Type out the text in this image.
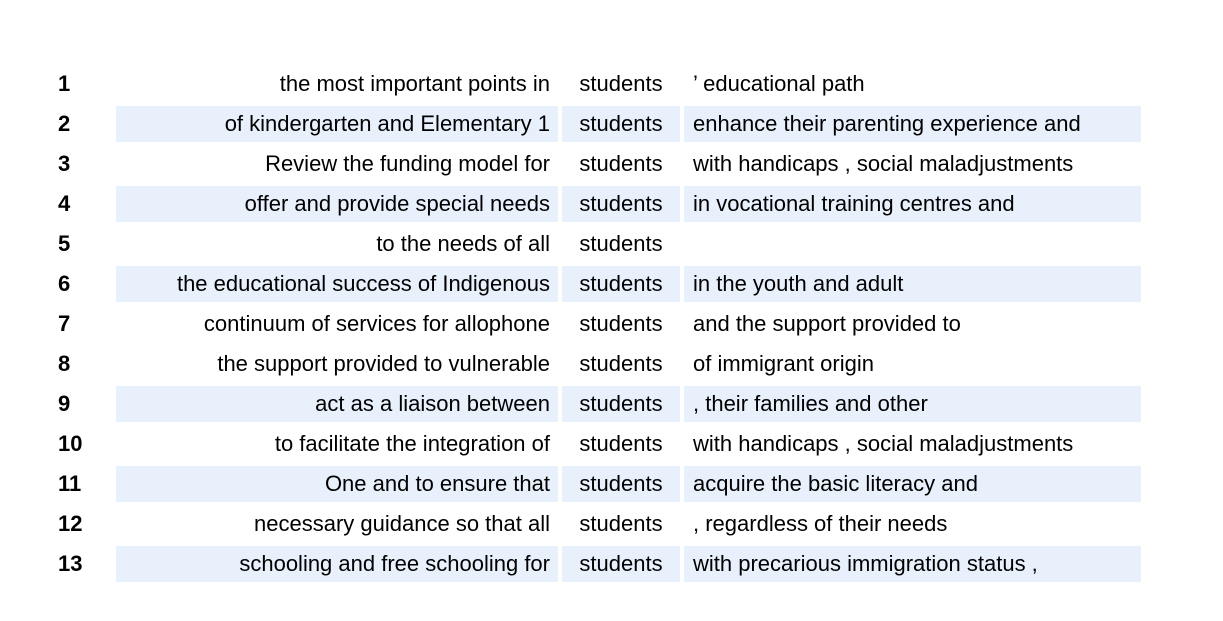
1	the most important points in	students	’ educational path
2	of kindergarten and Elementary 1	students	enhance their parenting experience and
3	Review the funding model for	students	with handicaps , social maladjustments
4	offer and provide special needs	students	in vocational training centres and
5	to the needs of all	students	
6	the educational success of Indigenous	students	in the youth and adult
7	continuum of services for allophone	students	and the support provided to
8	the support provided to vulnerable	students	of immigrant origin
9	act as a liaison between	students	, their families and other
10	to facilitate the integration of	students	with handicaps , social maladjustments
11	One and to ensure that	students	acquire the basic literacy and
12	necessary guidance so that all	students	, regardless of their needs
13	schooling and free schooling for	students	with precarious immigration status ,
